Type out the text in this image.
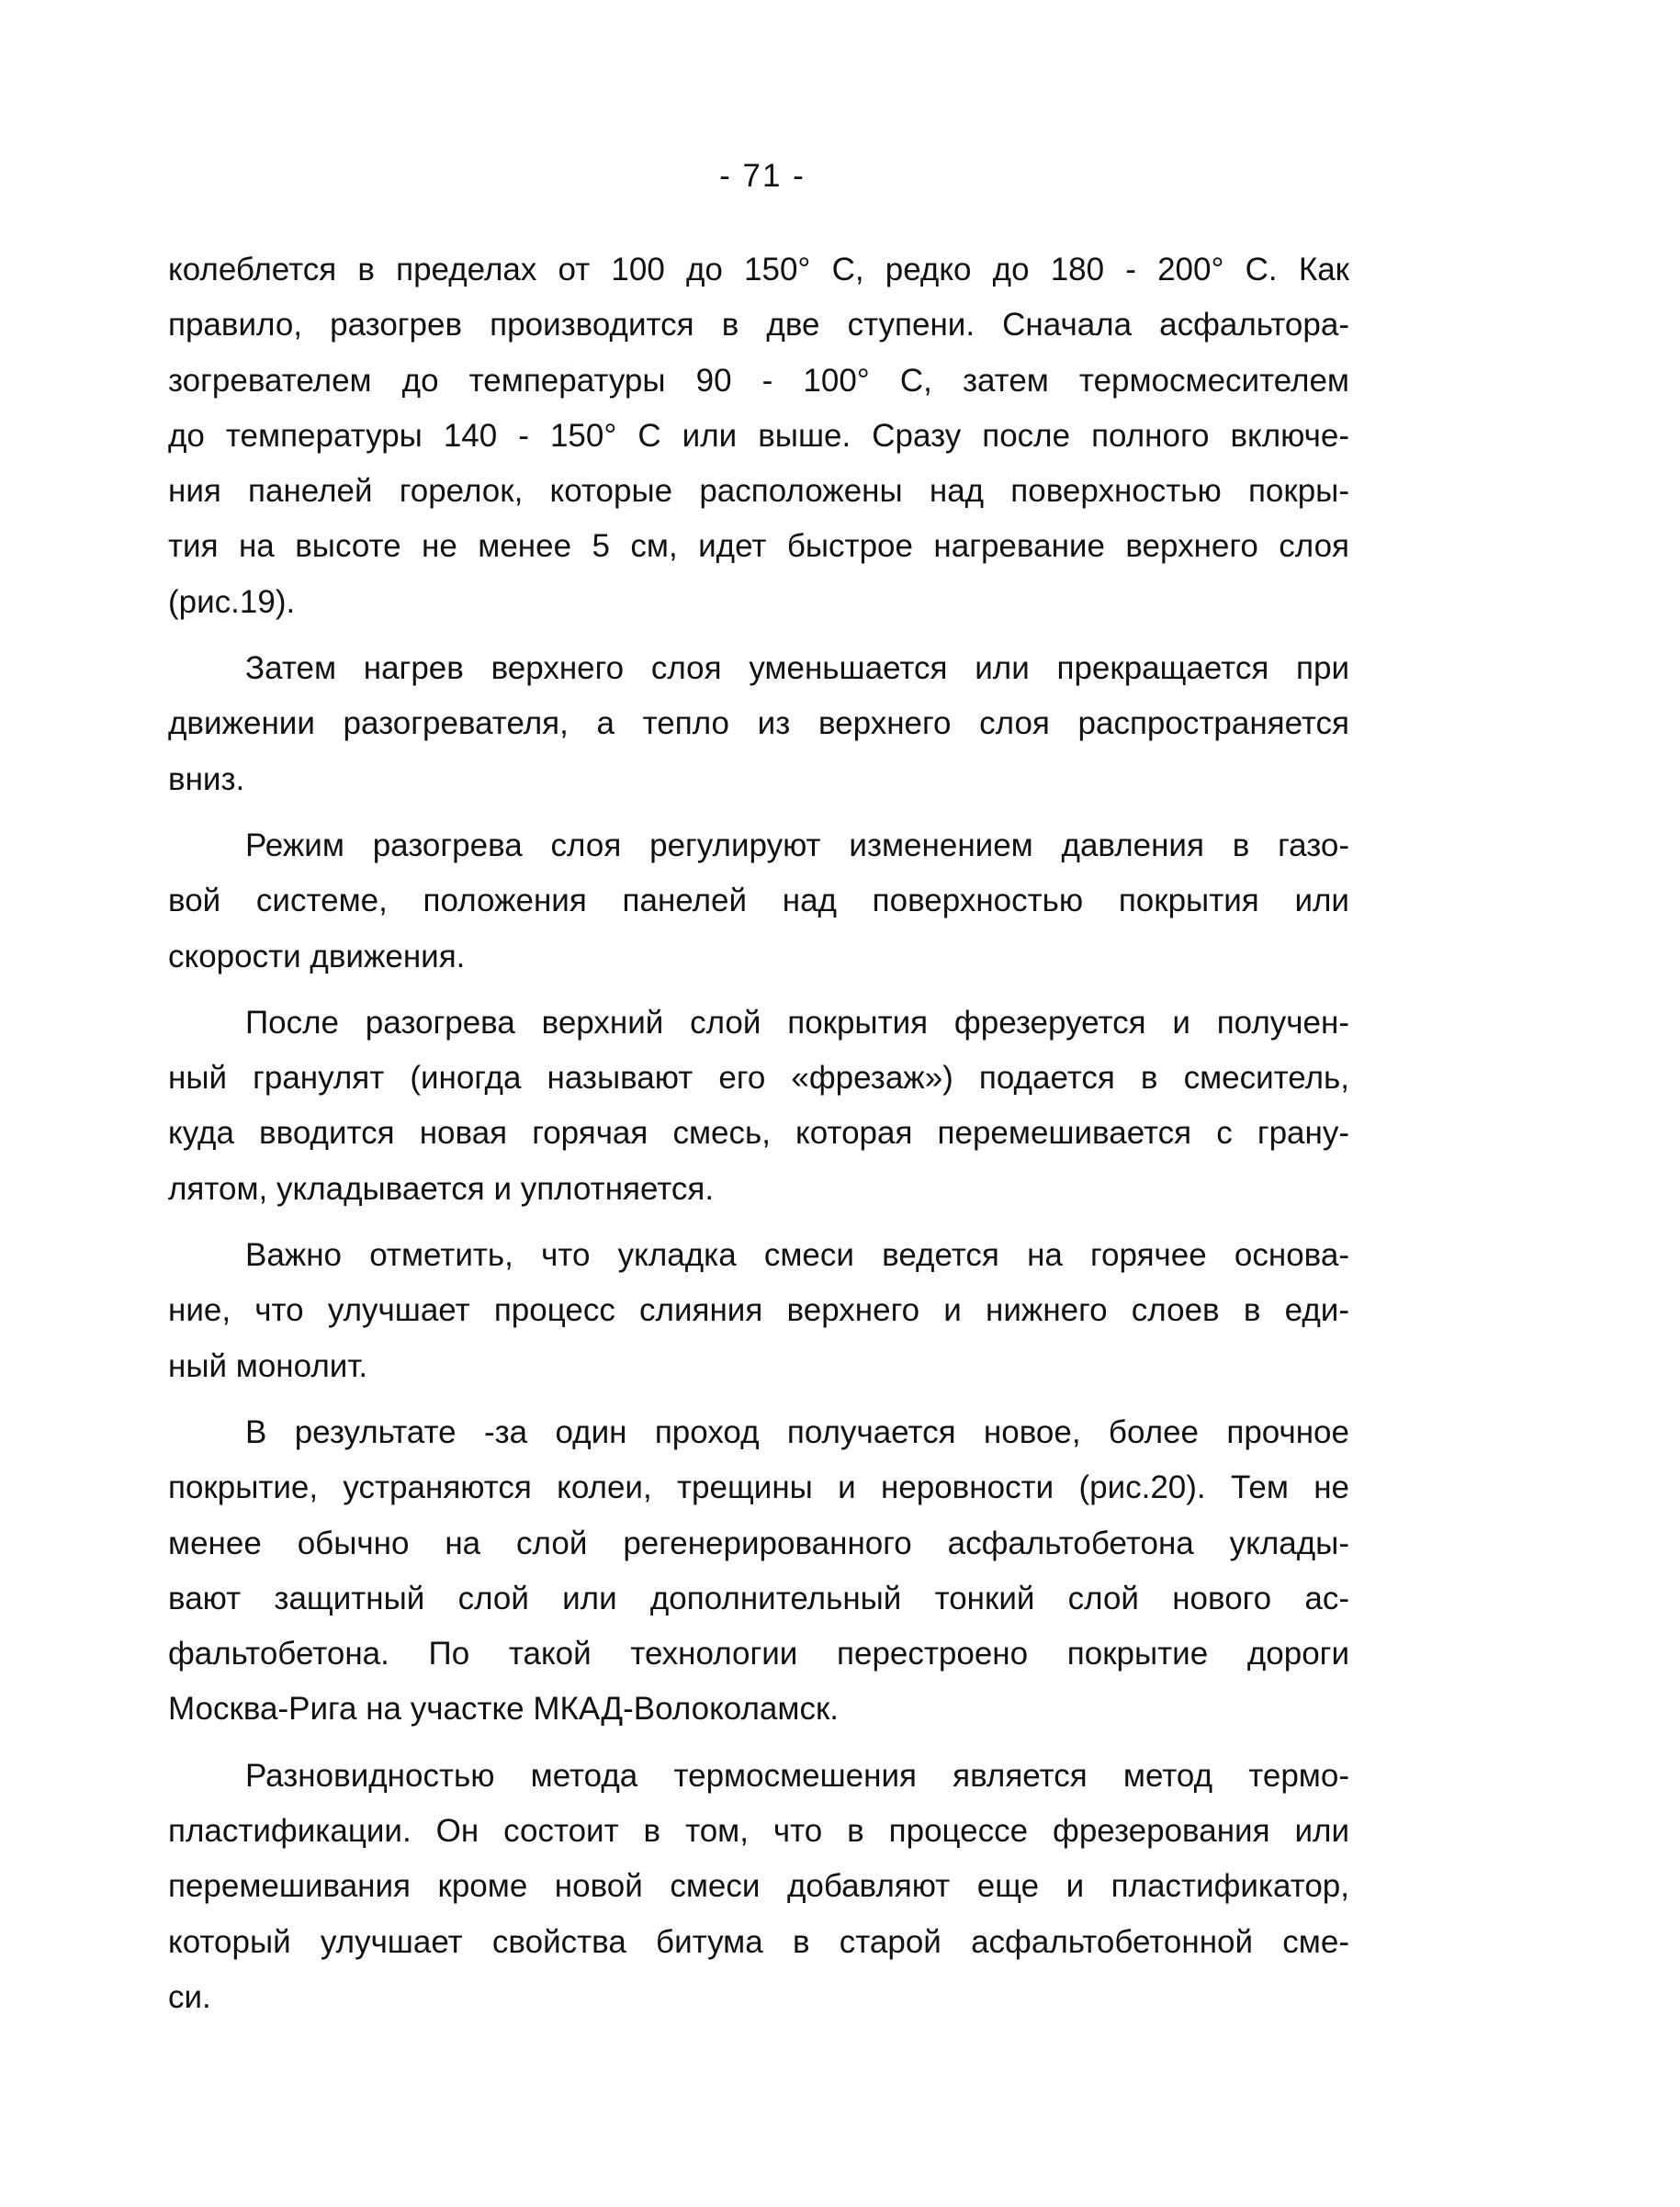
- 71 -
колеблется в пределах от 100 до 150° С, редко до 180 - 200° С. Как
правило, разогрев производится в две ступени. Сначала асфальтора-
зогревателем до температуры 90 - 100° С, затем термосмесителем
до температуры 140 - 150° С или выше. Сразу после полного включе-
ния панелей горелок, которые расположены над поверхностью покры-
тия на высоте не менее 5 см, идет быстрое нагревание верхнего слоя
(рис.19).
Затем нагрев верхнего слоя уменьшается или прекращается при
движении разогревателя, а тепло из верхнего слоя распространяется
вниз.
Режим разогрева слоя регулируют изменением давления в газо-
вой системе, положения панелей над поверхностью покрытия или
скорости движения.
После разогрева верхний слой покрытия фрезеруется и получен-
ный гранулят (иногда называют его «фрезаж») подается в смеситель,
куда вводится новая горячая смесь, которая перемешивается с грану-
лятом, укладывается и уплотняется.
Важно отметить, что укладка смеси ведется на горячее основа-
ние, что улучшает процесс слияния верхнего и нижнего слоев в еди-
ный монолит.
В результате -за один проход получается новое, более прочное
покрытие, устраняются колеи, трещины и неровности (рис.20). Тем не
менее обычно на слой регенерированного асфальтобетона уклады-
вают защитный слой или дополнительный тонкий слой нового ас-
фальтобетона. По такой технологии перестроено покрытие дороги
Москва-Рига на участке МКАД-Волоколамск.
Разновидностью метода термосмешения является метод термо-
пластификации. Он состоит в том, что в процессе фрезерования или
перемешивания кроме новой смеси добавляют еще и пластификатор,
который улучшает свойства битума в старой асфальтобетонной сме-
си.
